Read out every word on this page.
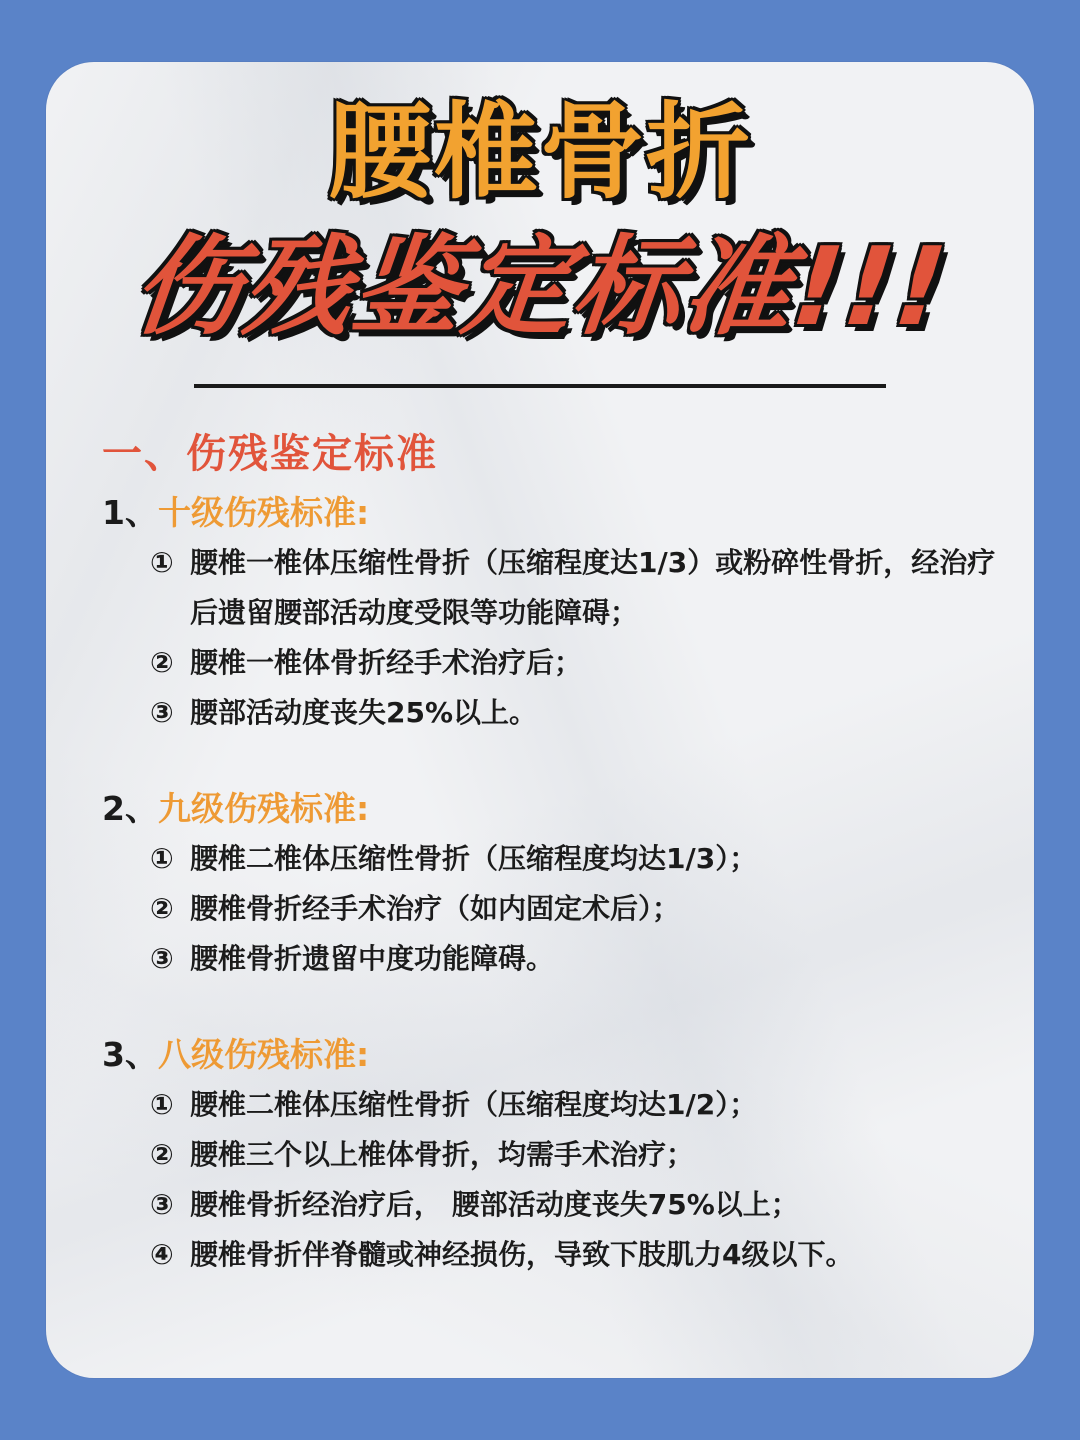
腰椎骨折
伤残鉴定标准!!!
一、伤残鉴定标准
1、 十级伤残标准:
① 腰椎一椎体压缩性骨折（压缩程度达1/3）或粉碎性骨折，经治疗后遗留腰部活动度受限等功能障碍；
② 腰椎一椎体骨折经手术治疗后；
③ 腰部活动度丧失25%以上。
2、 九级伤残标准:
① 腰椎二椎体压缩性骨折（压缩程度均达1/3）；
② 腰椎骨折经手术治疗（如内固定术后）；
③ 腰椎骨折遗留中度功能障碍。
3、 八级伤残标准:
① 腰椎二椎体压缩性骨折（压缩程度均达1/2）；
② 腰椎三个以上椎体骨折，均需手术治疗；
③ 腰椎骨折经治疗后， 腰部活动度丧失75%以上；
④ 腰椎骨折伴脊髓或神经损伤，导致下肢肌力4级以下。
